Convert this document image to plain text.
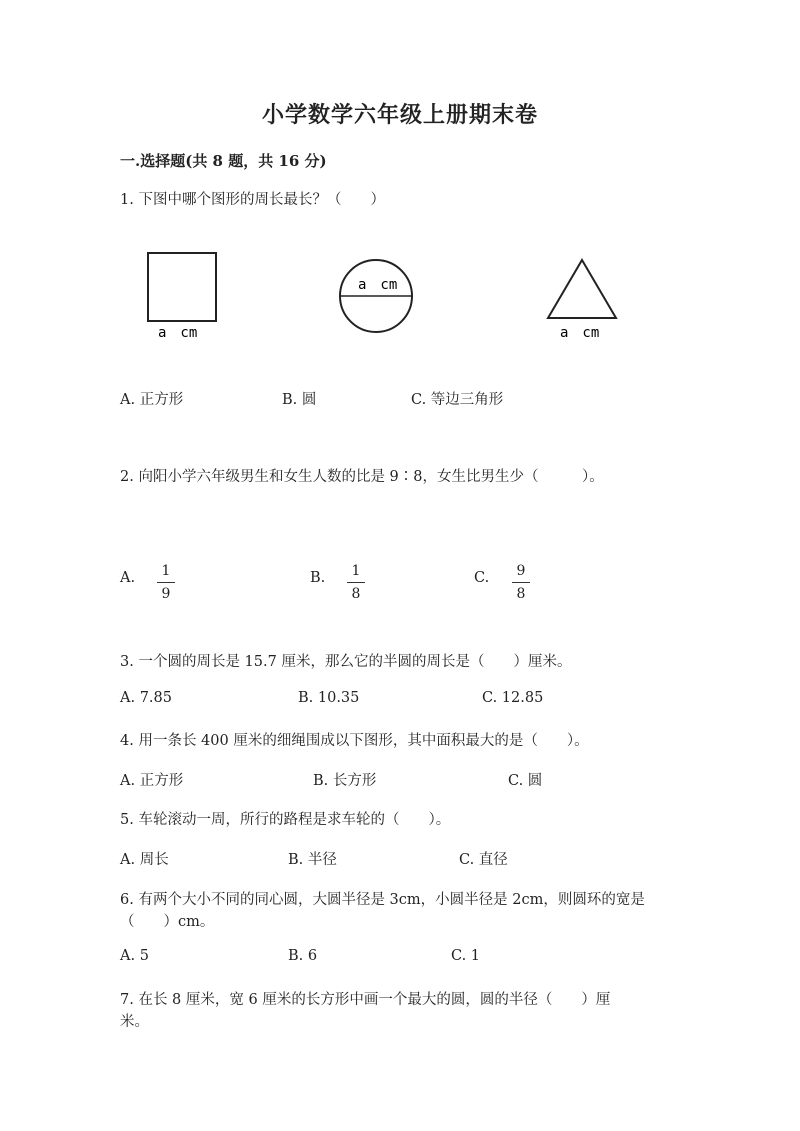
小学数学六年级上册期末卷
一.选择题(共 8 题，共 16 分)
1. 下图中哪个图形的周长最长？（　　）
a　cm
a　cm
a　cm
A. 正方形	B. 圆	C. 等边三角形
2. 向阳小学六年级男生和女生人数的比是 9∶8，女生比男生少（　　　）。
A.	1
9
B.	1
8
C.	9
8
3. 一个圆的周长是 15.7 厘米，那么它的半圆的周长是（　　）厘米。
A. 7.85	B. 10.35	C. 12.85
4. 用一条长 400 厘米的细绳围成以下图形，其中面积最大的是（　　）。
A. 正方形	B. 长方形	C. 圆
5. 车轮滚动一周，所行的路程是求车轮的（　　）。
A. 周长	B. 半径	C. 直径
6. 有两个大小不同的同心圆，大圆半径是 3cm，小圆半径是 2cm，则圆环的宽是
（　　）cm。
A. 5	B. 6	C. 1
7. 在长 8 厘米，宽 6 厘米的长方形中画一个最大的圆，圆的半径（　　）厘
米。
